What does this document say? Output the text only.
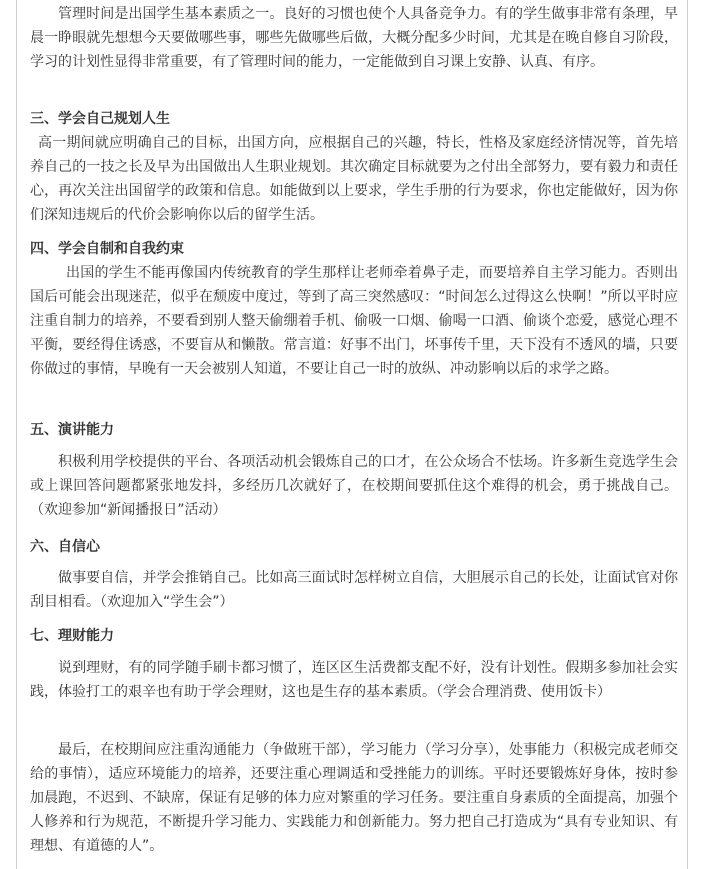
管理时间是出国学生基本素质之一。良好的习惯也使个人具备竞争力。有的学生做事非常有条理，早晨一睁眼就先想想今天要做哪些事，哪些先做哪些后做，大概分配多少时间，尤其是在晚自修自习阶段，学习的计划性显得非常重要，有了管理时间的能力，一定能做到自习课上安静、认真、有序。

三、学会自己规划人生

高一期间就应明确自己的目标，出国方向，应根据自己的兴趣，特长，性格及家庭经济情况等，首先培养自己的一技之长及早为出国做出人生职业规划。其次确定目标就要为之付出全部努力，要有毅力和责任心，再次关注出国留学的政策和信息。如能做到以上要求，学生手册的行为要求，你也定能做好，因为你们深知违规后的代价会影响你以后的留学生活。

四、学会自制和自我约束

出国的学生不能再像国内传统教育的学生那样让老师牵着鼻子走，而要培养自主学习能力。否则出国后可能会出现迷茫，似乎在颓废中度过，等到了高三突然感叹：“时间怎么过得这么快啊！”所以平时应注重自制力的培养，不要看到别人整天偷绷着手机、偷吸一口烟、偷喝一口酒、偷谈个恋爱，感觉心理不平衡，要经得住诱惑，不要盲从和懒散。常言道：好事不出门，坏事传千里，天下没有不透风的墙，只要你做过的事情，早晚有一天会被别人知道，不要让自己一时的放纵、冲动影响以后的求学之路。

五、演讲能力

积极利用学校提供的平台、各项活动机会锻炼自己的口才，在公众场合不怯场。许多新生竞选学生会或上课回答问题都紧张地发抖，多经历几次就好了，在校期间要抓住这个难得的机会，勇于挑战自己。（欢迎参加“新闻播报日”活动）

六、自信心

做事要自信，并学会推销自己。比如高三面试时怎样树立自信，大胆展示自己的长处，让面试官对你刮目相看。（欢迎加入“学生会”）

七、理财能力

说到理财，有的同学随手刷卡都习惯了，连区区生活费都支配不好，没有计划性。假期多参加社会实践，体验打工的艰辛也有助于学会理财，这也是生存的基本素质。（学会合理消费、使用饭卡）

最后，在校期间应注重沟通能力（争做班干部），学习能力（学习分享），处事能力（积极完成老师交给的事情），适应环境能力的培养，还要注重心理调适和受挫能力的训练。平时还要锻炼好身体，按时参加晨跑，不迟到、不缺席，保证有足够的体力应对繁重的学习任务。要注重自身素质的全面提高，加强个人修养和行为规范，不断提升学习能力、实践能力和创新能力。努力把自己打造成为“具有专业知识、有理想、有道德的人”。
